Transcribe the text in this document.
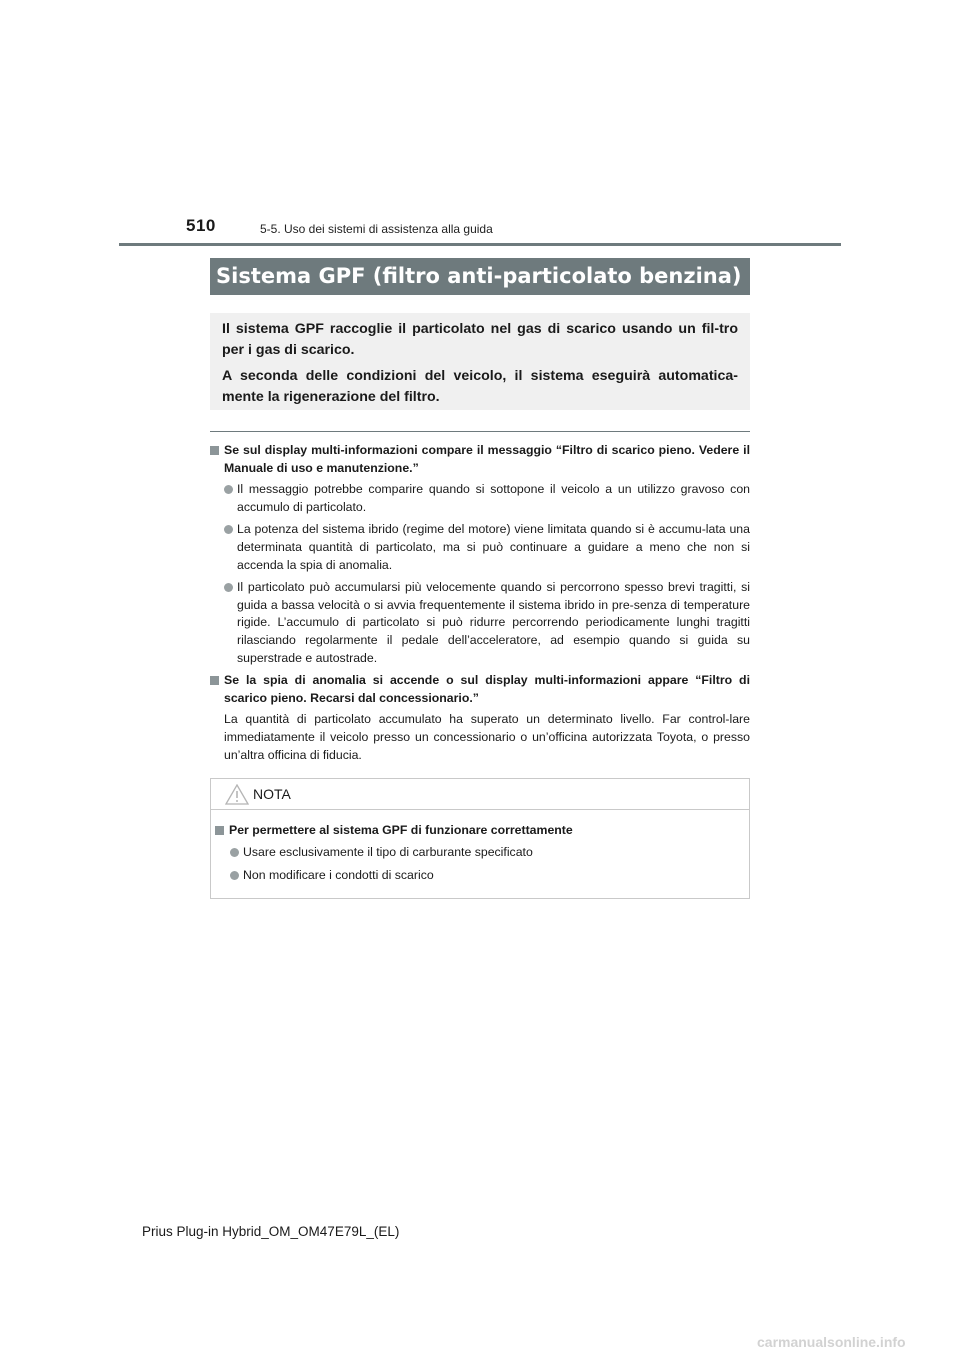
510	5-5. Uso dei sistemi di assistenza alla guida
Sistema GPF (filtro anti-particolato benzina)

Il sistema GPF raccoglie il particolato nel gas di scarico usando un fil-tro per i gas di scarico.

A seconda delle condizioni del veicolo, il sistema eseguirà automatica-mente la rigenerazione del filtro.

Se sul display multi-informazioni compare il messaggio “Filtro di scarico pieno. Vedere il Manuale di uso e manutenzione.”
Il messaggio potrebbe comparire quando si sottopone il veicolo a un utilizzo gravoso con accumulo di particolato.
La potenza del sistema ibrido (regime del motore) viene limitata quando si è accumu-lata una determinata quantità di particolato, ma si può continuare a guidare a meno che non si accenda la spia di anomalia.
Il particolato può accumularsi più velocemente quando si percorrono spesso brevi tragitti, si guida a bassa velocità o si avvia frequentemente il sistema ibrido in pre-senza di temperature rigide. L’accumulo di particolato si può ridurre percorrendo periodicamente lunghi tragitti rilasciando regolarmente il pedale dell’acceleratore, ad esempio quando si guida su superstrade e autostrade.
Se la spia di anomalia si accende o sul display multi-informazioni appare “Filtro di scarico pieno. Recarsi dal concessionario.”
La quantità di particolato accumulato ha superato un determinato livello. Far control-lare immediatamente il veicolo presso un concessionario o un’officina autorizzata Toyota, o presso un’altra officina di fiducia.
NOTA
Per permettere al sistema GPF di funzionare correttamente
Usare esclusivamente il tipo di carburante specificato
Non modificare i condotti di scarico
Prius Plug-in Hybrid_OM_OM47E79L_(EL)
carmanualsonline.info
